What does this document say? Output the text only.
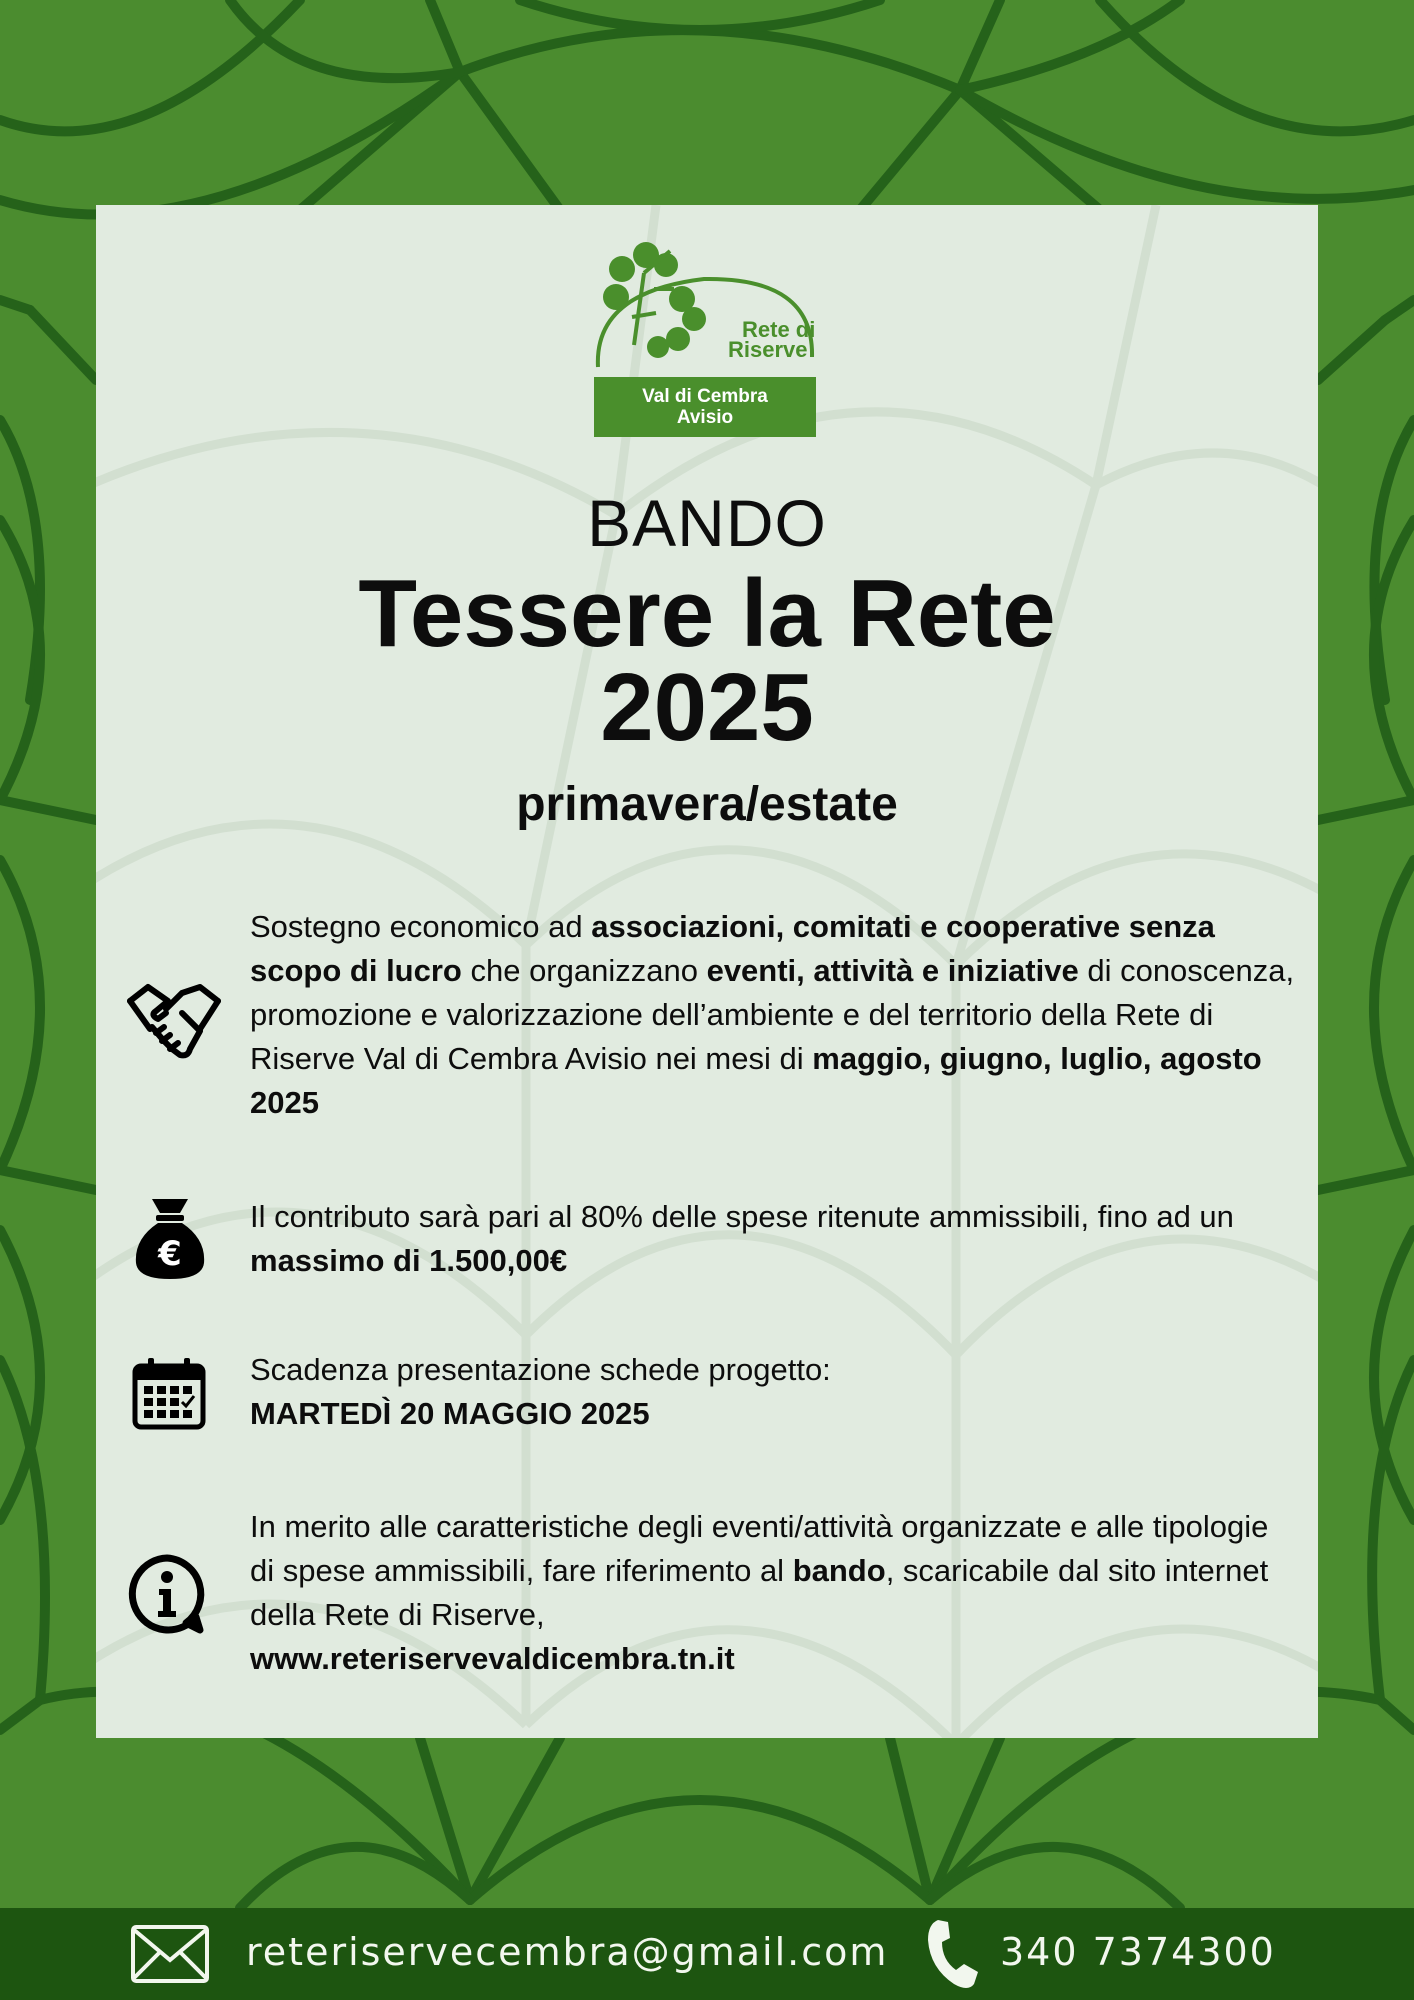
Rete di
Riserve
Val di Cembra
Avisio

BANDO

Tessere la Rete
2025

primavera/estate

Sostegno economico ad associazioni, comitati e cooperative senza scopo di lucro che organizzano eventi, attività e iniziative di conoscenza, promozione e valorizzazione dell’ambiente e del territorio della Rete di Riserve Val di Cembra Avisio nei mesi di maggio, giugno, luglio, agosto 2025

€

Il contributo sarà pari al 80% delle spese ritenute ammissibili, fino ad un massimo di 1.500,00€

Scadenza presentazione schede progetto:
MARTEDÌ 20 MAGGIO 2025

In merito alle caratteristiche degli eventi/attività organizzate e alle tipologie di spese ammissibili, fare riferimento al bando, scaricabile dal sito internet della Rete di Riserve,
www.reteriservevaldicembra.tn.it

reteriservecembra@gmail.com	340 7374300
